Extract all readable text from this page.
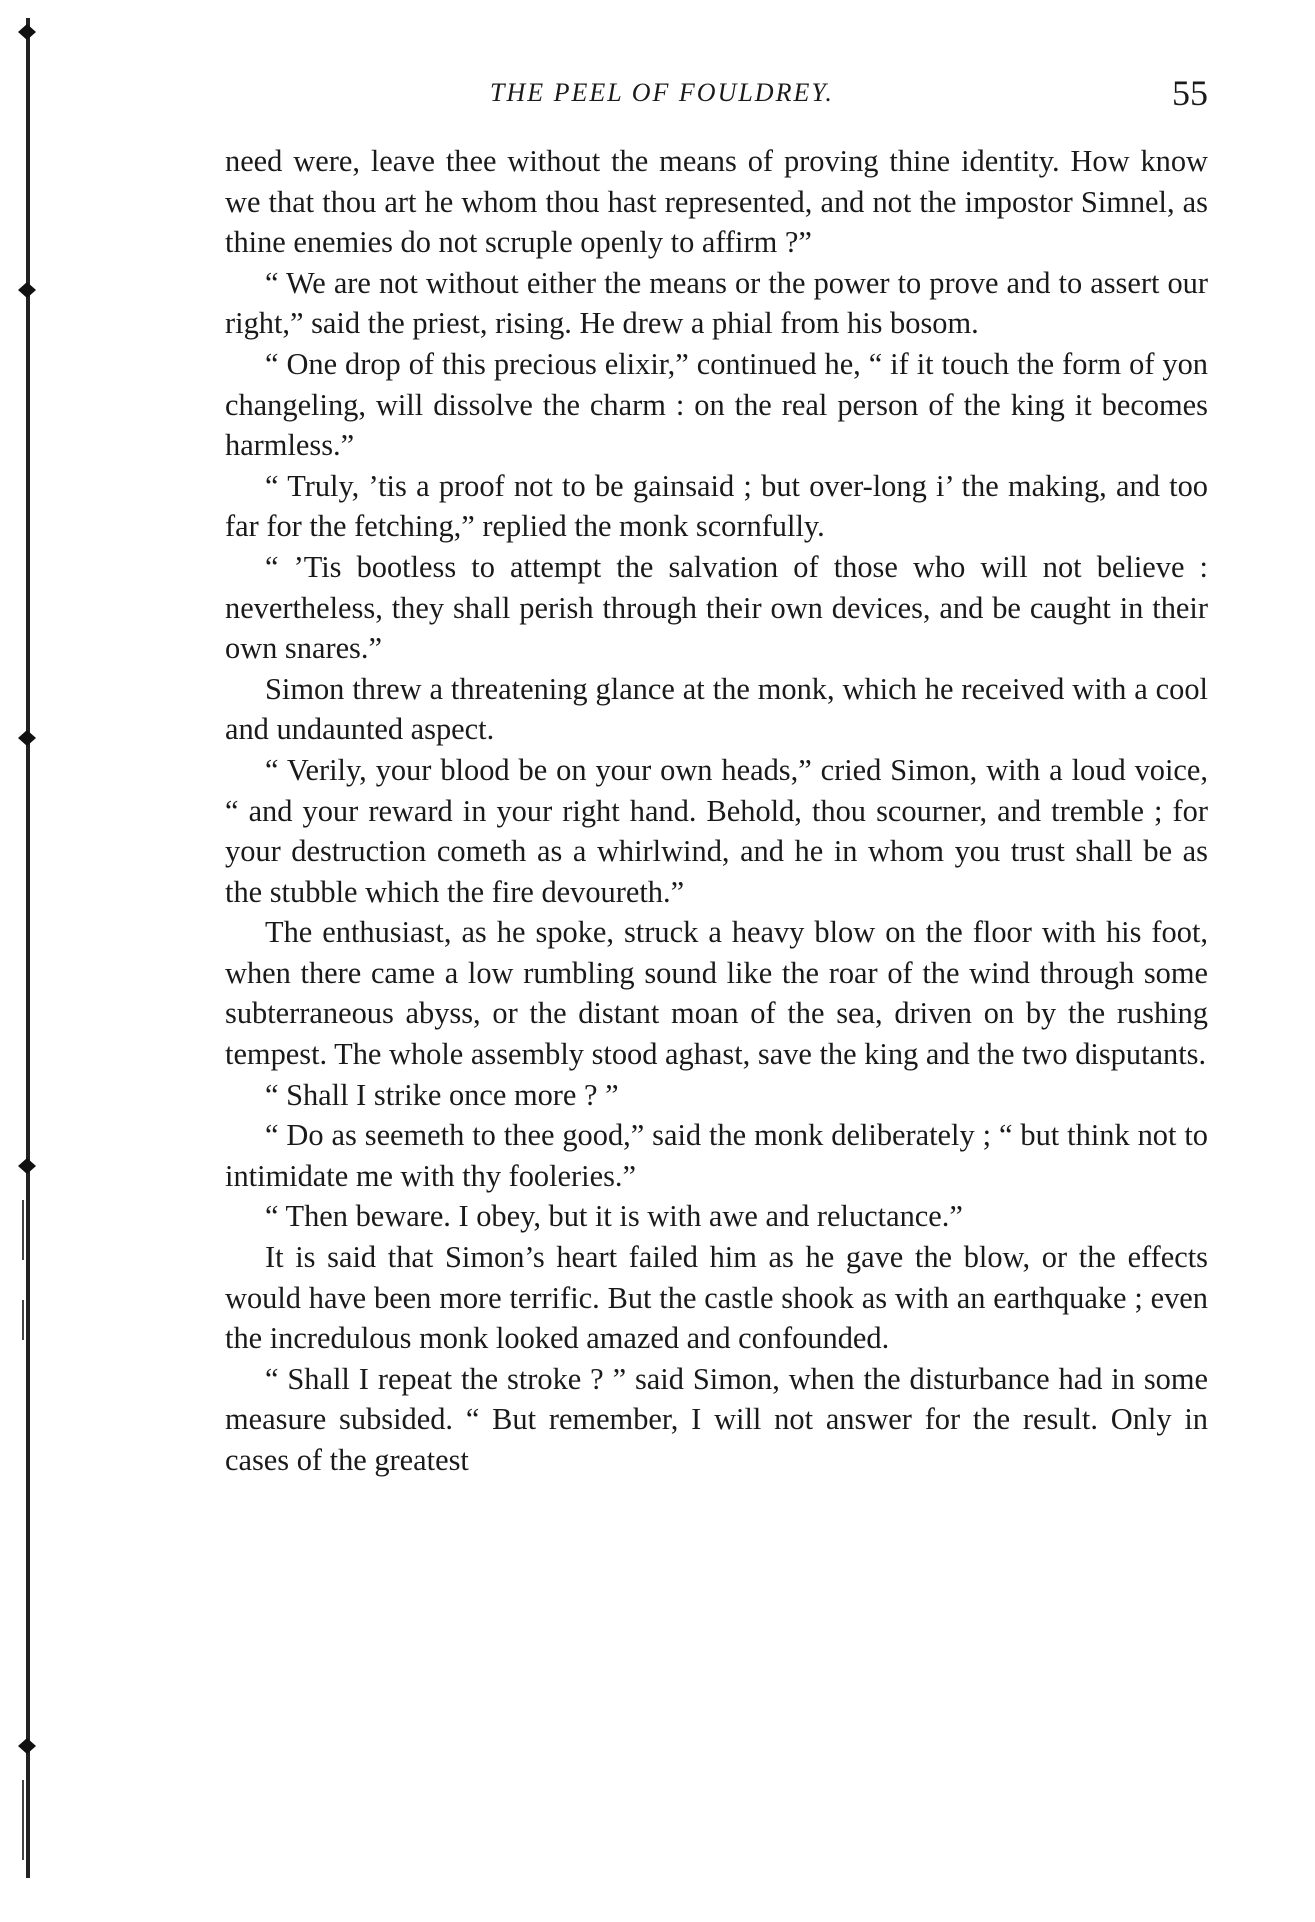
THE PEEL OF FOULDREY.	55

need were, leave thee without the means of proving thine identity. How know we that thou art he whom thou hast represented, and not the impostor Simnel, as thine enemies do not scruple openly to affirm ?”

“ We are not without either the means or the power to prove and to assert our right,” said the priest, rising. He drew a phial from his bosom.

“ One drop of this precious elixir,” continued he, “ if it touch the form of yon changeling, will dissolve the charm : on the real person of the king it becomes harmless.”

“ Truly, ’tis a proof not to be gainsaid ; but over-long i’ the making, and too far for the fetching,” replied the monk scornfully.

“ ’Tis bootless to attempt the salvation of those who will not believe : nevertheless, they shall perish through their own devices, and be caught in their own snares.”

Simon threw a threatening glance at the monk, which he received with a cool and undaunted aspect.

“ Verily, your blood be on your own heads,” cried Simon, with a loud voice, “ and your reward in your right hand. Behold, thou scourner, and tremble ; for your destruction cometh as a whirlwind, and he in whom you trust shall be as the stubble which the fire devoureth.”

The enthusiast, as he spoke, struck a heavy blow on the floor with his foot, when there came a low rumbling sound like the roar of the wind through some subterraneous abyss, or the distant moan of the sea, driven on by the rushing tempest. The whole assembly stood aghast, save the king and the two disputants.

“ Shall I strike once more ? ”

“ Do as seemeth to thee good,” said the monk deliberately ; “ but think not to intimidate me with thy fooleries.”

“ Then beware. I obey, but it is with awe and reluctance.”

It is said that Simon’s heart failed him as he gave the blow, or the effects would have been more terrific. But the castle shook as with an earthquake ; even the incredulous monk looked amazed and confounded.

“ Shall I repeat the stroke ? ” said Simon, when the disturbance had in some measure subsided. “ But remember, I will not answer for the result. Only in cases of the greatest
